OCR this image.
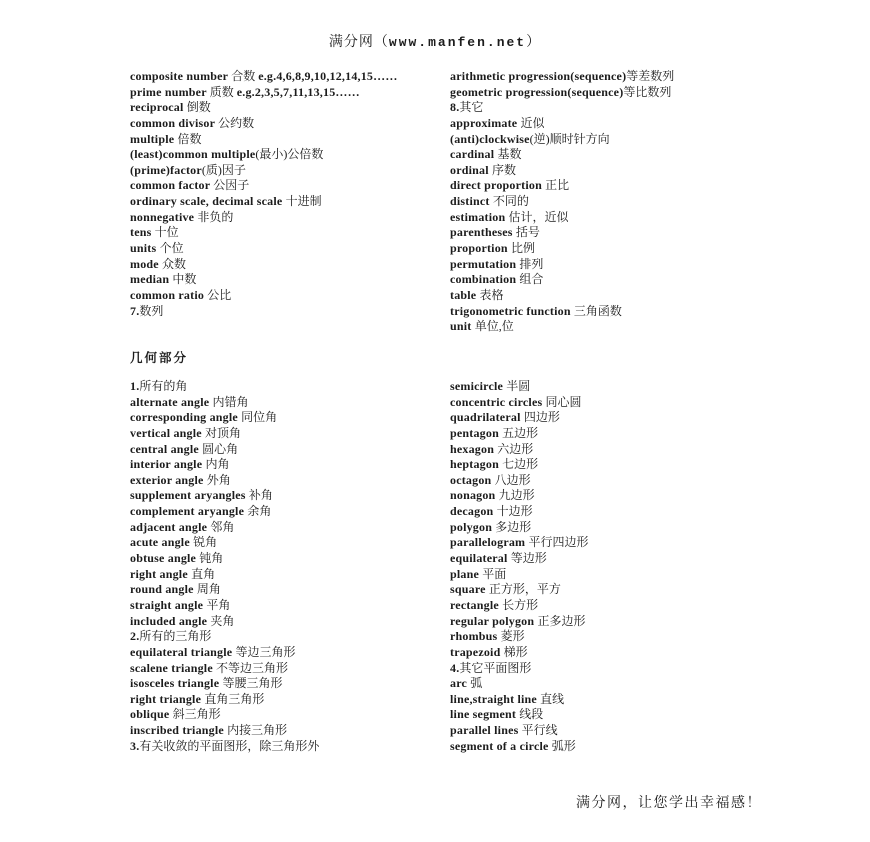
满分网（www.manfen.net）
composite number 合数 e.g.4,6,8,9,10,12,14,15……
prime number 质数 e.g.2,3,5,7,11,13,15……
reciprocal 倒数
common divisor 公约数
multiple 倍数
(least)common multiple(最小)公倍数
(prime)factor(质)因子
common factor 公因子
ordinary scale, decimal scale 十进制
nonnegative 非负的
tens 十位
units 个位
mode 众数
median 中数
common ratio 公比
7.数列
arithmetic progression(sequence)等差数列
geometric progression(sequence)等比数列
8.其它
approximate 近似
(anti)clockwise(逆)顺时针方向
cardinal 基数
ordinal 序数
direct proportion 正比
distinct 不同的
estimation 估计，近似
parentheses 括号
proportion 比例
permutation 排列
combination 组合
table 表格
trigonometric function 三角函数
unit 单位,位
几何部分
1.所有的角
alternate angle 内错角
corresponding angle 同位角
vertical angle 对顶角
central angle 圆心角
interior angle 内角
exterior angle 外角
supplement aryangles 补角
complement aryangle 余角
adjacent angle 邻角
acute angle 锐角
obtuse angle 钝角
right angle 直角
round angle 周角
straight angle 平角
included angle 夹角
2.所有的三角形
equilateral triangle 等边三角形
scalene triangle 不等边三角形
isosceles triangle 等腰三角形
right triangle 直角三角形
oblique 斜三角形
inscribed triangle 内接三角形
3.有关收敛的平面图形，除三角形外
semicircle 半圆
concentric circles 同心圆
quadrilateral 四边形
pentagon 五边形
hexagon 六边形
heptagon 七边形
octagon 八边形
nonagon 九边形
decagon 十边形
polygon 多边形
parallelogram 平行四边形
equilateral 等边形
plane 平面
square 正方形，平方
rectangle 长方形
regular polygon 正多边形
rhombus 菱形
trapezoid 梯形
4.其它平面图形
arc 弧
line,straight line 直线
line segment 线段
parallel lines 平行线
segment of a circle 弧形
满分网，让您学出幸福感！
